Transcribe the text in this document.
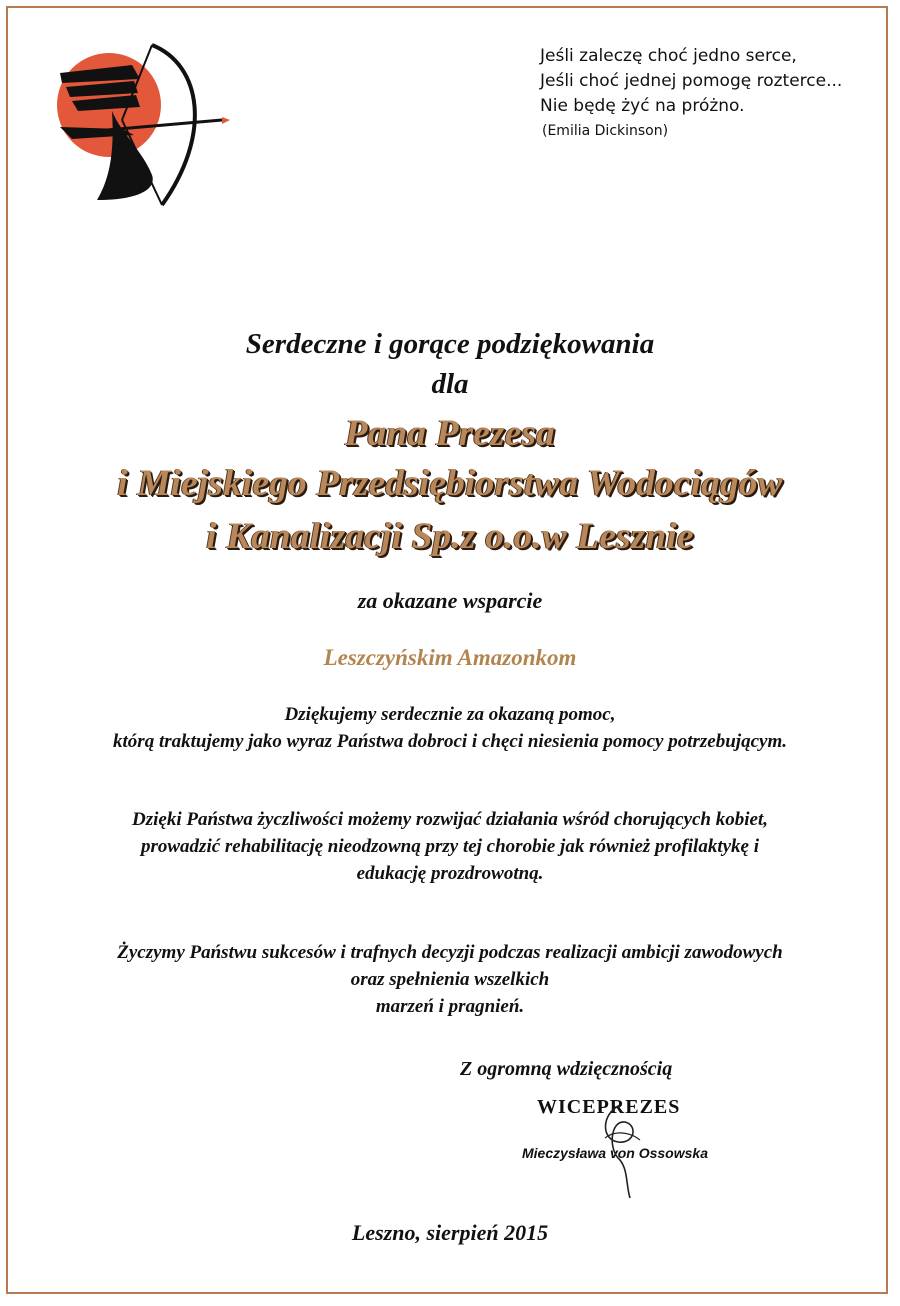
Jeśli zaleczę choć jedno serce,
Jeśli choć jednej pomogę rozterce...
Nie będę żyć na próżno.
(Emilia Dickinson)
Serdeczne i gorące podziękowania
dla
Pana Prezesa
i Miejskiego Przedsiębiorstwa Wodociągów
i Kanalizacji Sp.z o.o.w Lesznie
za okazane wsparcie
Leszczyńskim Amazonkom
Dziękujemy serdecznie za okazaną pomoc,
którą traktujemy jako wyraz Państwa dobroci i chęci niesienia pomocy potrzebującym.
Dzięki Państwa życzliwości możemy rozwijać działania wśród chorujących kobiet,
prowadzić rehabilitację nieodzowną przy tej chorobie jak również profilaktykę i
edukację prozdrowotną.
Życzymy Państwu sukcesów i trafnych decyzji podczas realizacji ambicji zawodowych
oraz spełnienia wszelkich
marzeń i pragnień.
Z ogromną wdzięcznością
WICEPREZES
Mieczysława von Ossowska
Leszno, sierpień 2015
